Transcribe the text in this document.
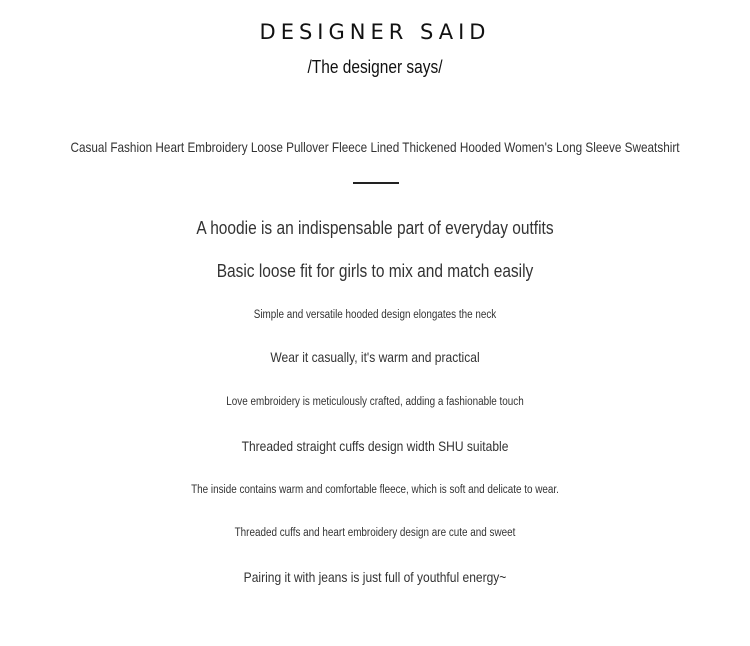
DESIGNER SAID
/The designer says/
Casual Fashion Heart Embroidery Loose Pullover Fleece Lined Thickened Hooded Women's Long Sleeve Sweatshirt
A hoodie is an indispensable part of everyday outfits
Basic loose fit for girls to mix and match easily
Simple and versatile hooded design elongates the neck
Wear it casually, it's warm and practical
Love embroidery is meticulously crafted, adding a fashionable touch
Threaded straight cuffs design width SHU suitable
The inside contains warm and comfortable fleece, which is soft and delicate to wear.
Threaded cuffs and heart embroidery design are cute and sweet
Pairing it with jeans is just full of youthful energy~
